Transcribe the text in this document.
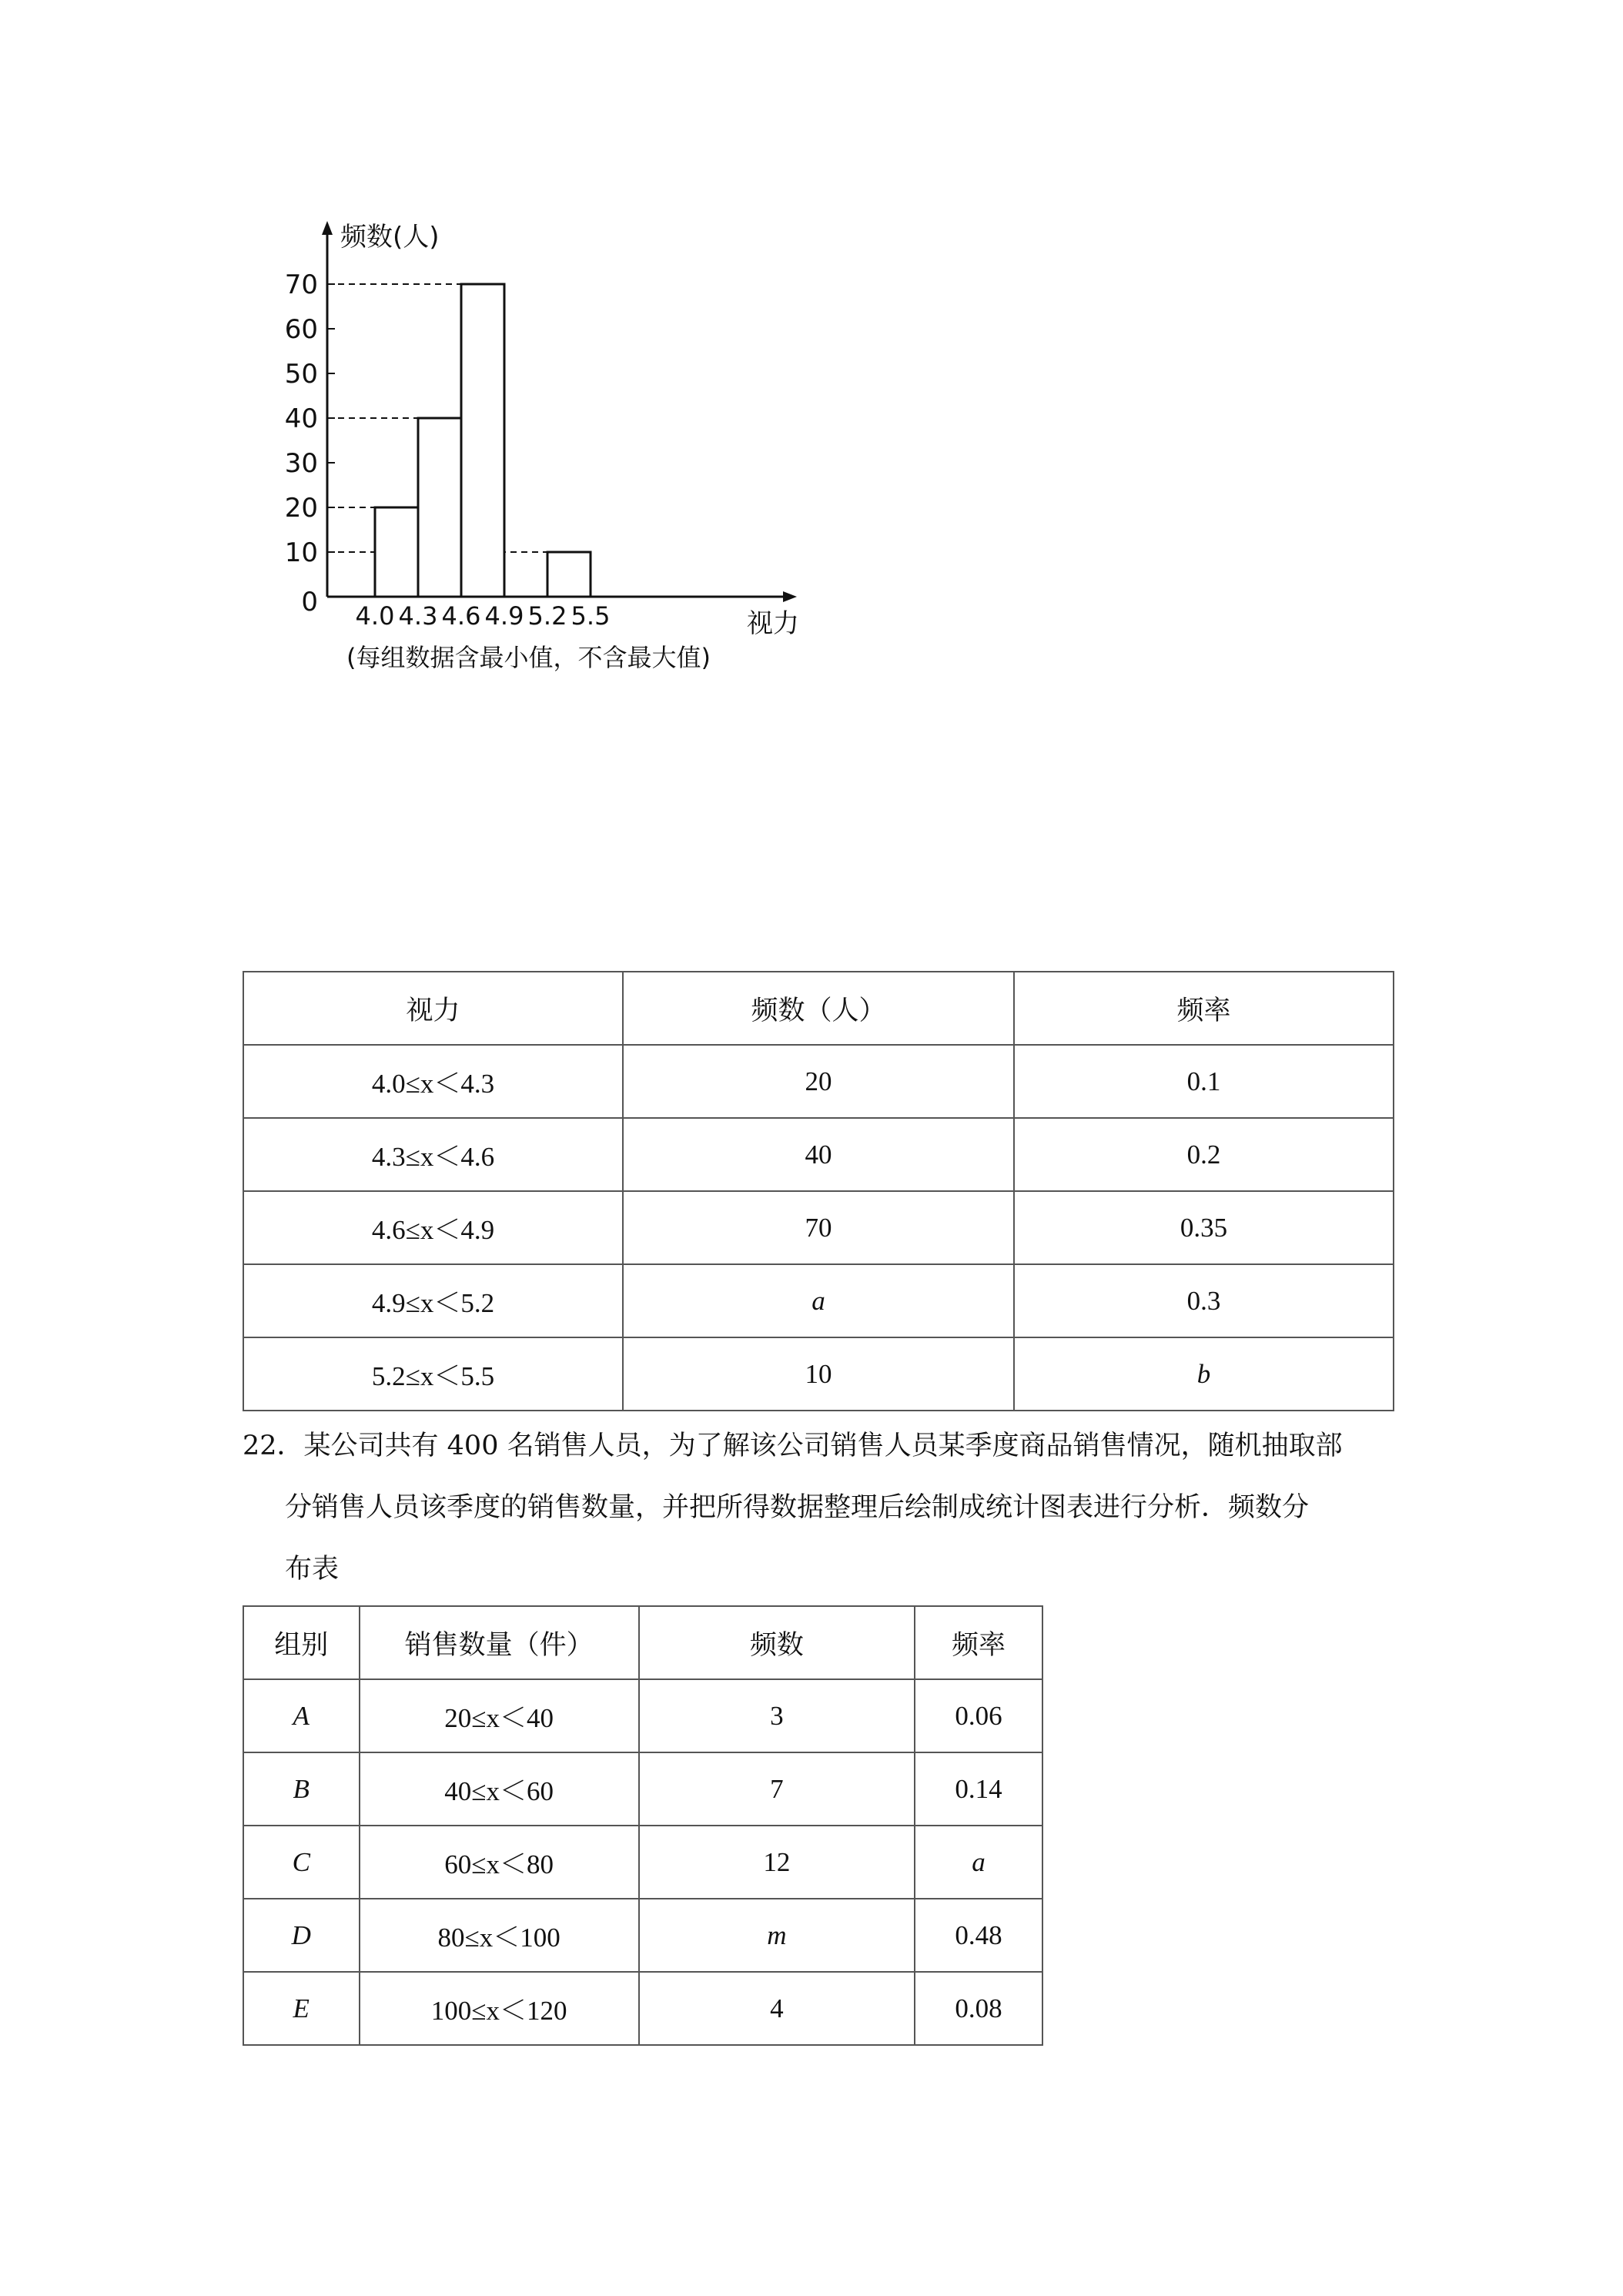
频数(人)
视力
(每组数据含最小值，不含最大值)
0
10
20
30
40
50
60
70
4.0 4.3 4.6 4.9 5.2 5.5
视力	频数（人）	频率
4.0≤x＜4.3	20	0.1
4.3≤x＜4.6	40	0.2
4.6≤x＜4.9	70	0.35
4.9≤x＜5.2	a	0.3
5.2≤x＜5.5	10	b
22．某公司共有 400 名销售人员，为了解该公司销售人员某季度商品销售情况，随机抽取部
分销售人员该季度的销售数量，并把所得数据整理后绘制成统计图表进行分析．频数分
布表
组别	销售数量（件）	频数	频率
A	20≤x＜40	3	0.06
B	40≤x＜60	7	0.14
C	60≤x＜80	12	a
D	80≤x＜100	m	0.48
E	100≤x＜120	4	0.08
